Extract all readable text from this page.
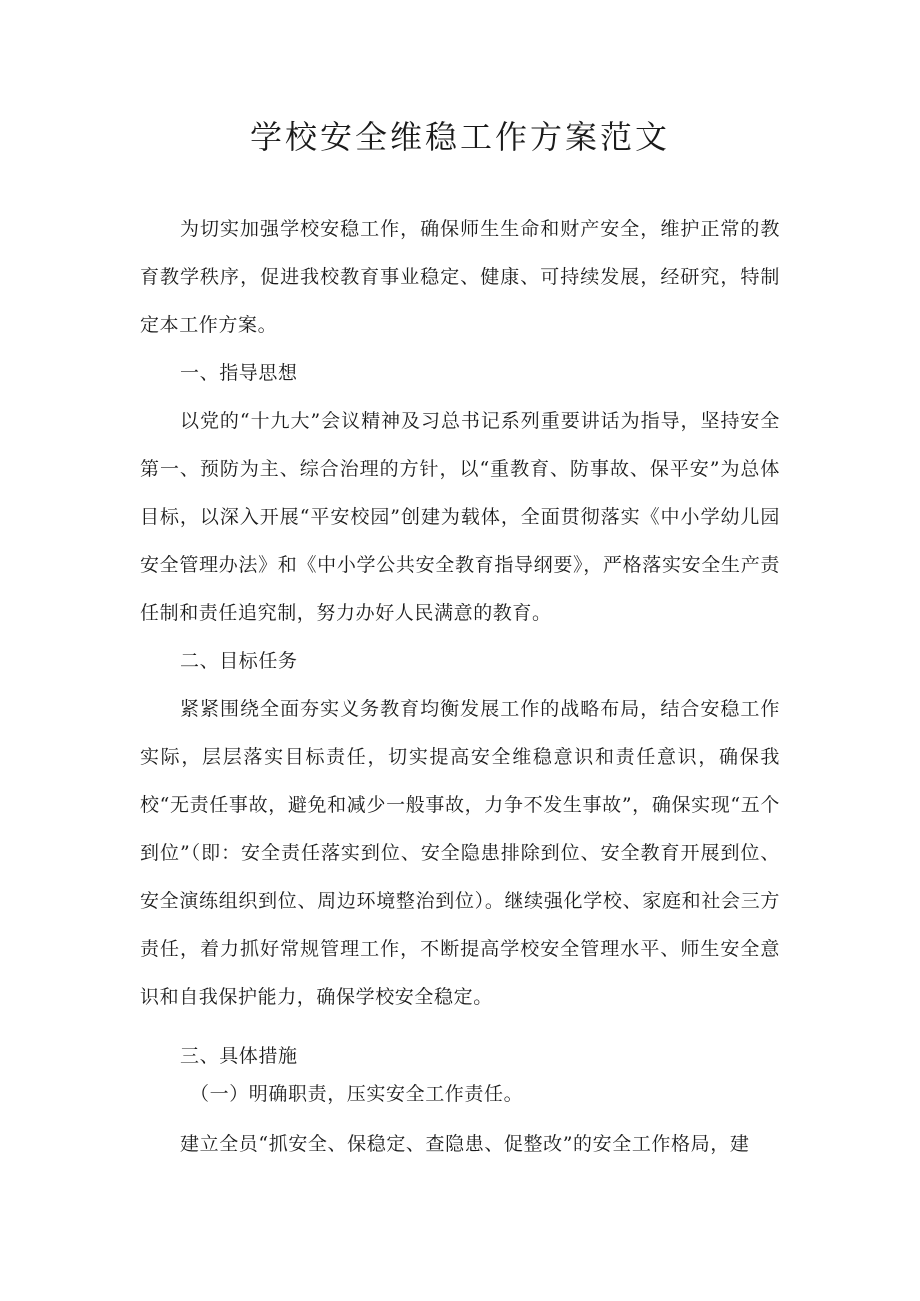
学校安全维稳工作方案范文

为切实加强学校安稳工作，确保师生生命和财产安全，维护正常的教育教学秩序，促进我校教育事业稳定、健康、可持续发展，经研究，特制定本工作方案。

一、指导思想

以党的“十九大”会议精神及习总书记系列重要讲话为指导，坚持安全第一、预防为主、综合治理的方针，以“重教育、防事故、保平安”为总体目标，以深入开展“平安校园”创建为载体，全面贯彻落实《中小学幼儿园安全管理办法》和《中小学公共安全教育指导纲要》，严格落实安全生产责任制和责任追究制，努力办好人民满意的教育。

二、目标任务

紧紧围绕全面夯实义务教育均衡发展工作的战略布局，结合安稳工作实际，层层落实目标责任，切实提高安全维稳意识和责任意识，确保我校“无责任事故，避免和减少一般事故，力争不发生事故”，确保实现“五个到位”（即：安全责任落实到位、安全隐患排除到位、安全教育开展到位、安全演练组织到位、周边环境整治到位）。继续强化学校、家庭和社会三方责任，着力抓好常规管理工作，不断提高学校安全管理水平、师生安全意识和自我保护能力，确保学校安全稳定。

三、具体措施

（一）明确职责，压实安全工作责任。

建立全员“抓安全、保稳定、查隐患、促整改”的安全工作格局，建
